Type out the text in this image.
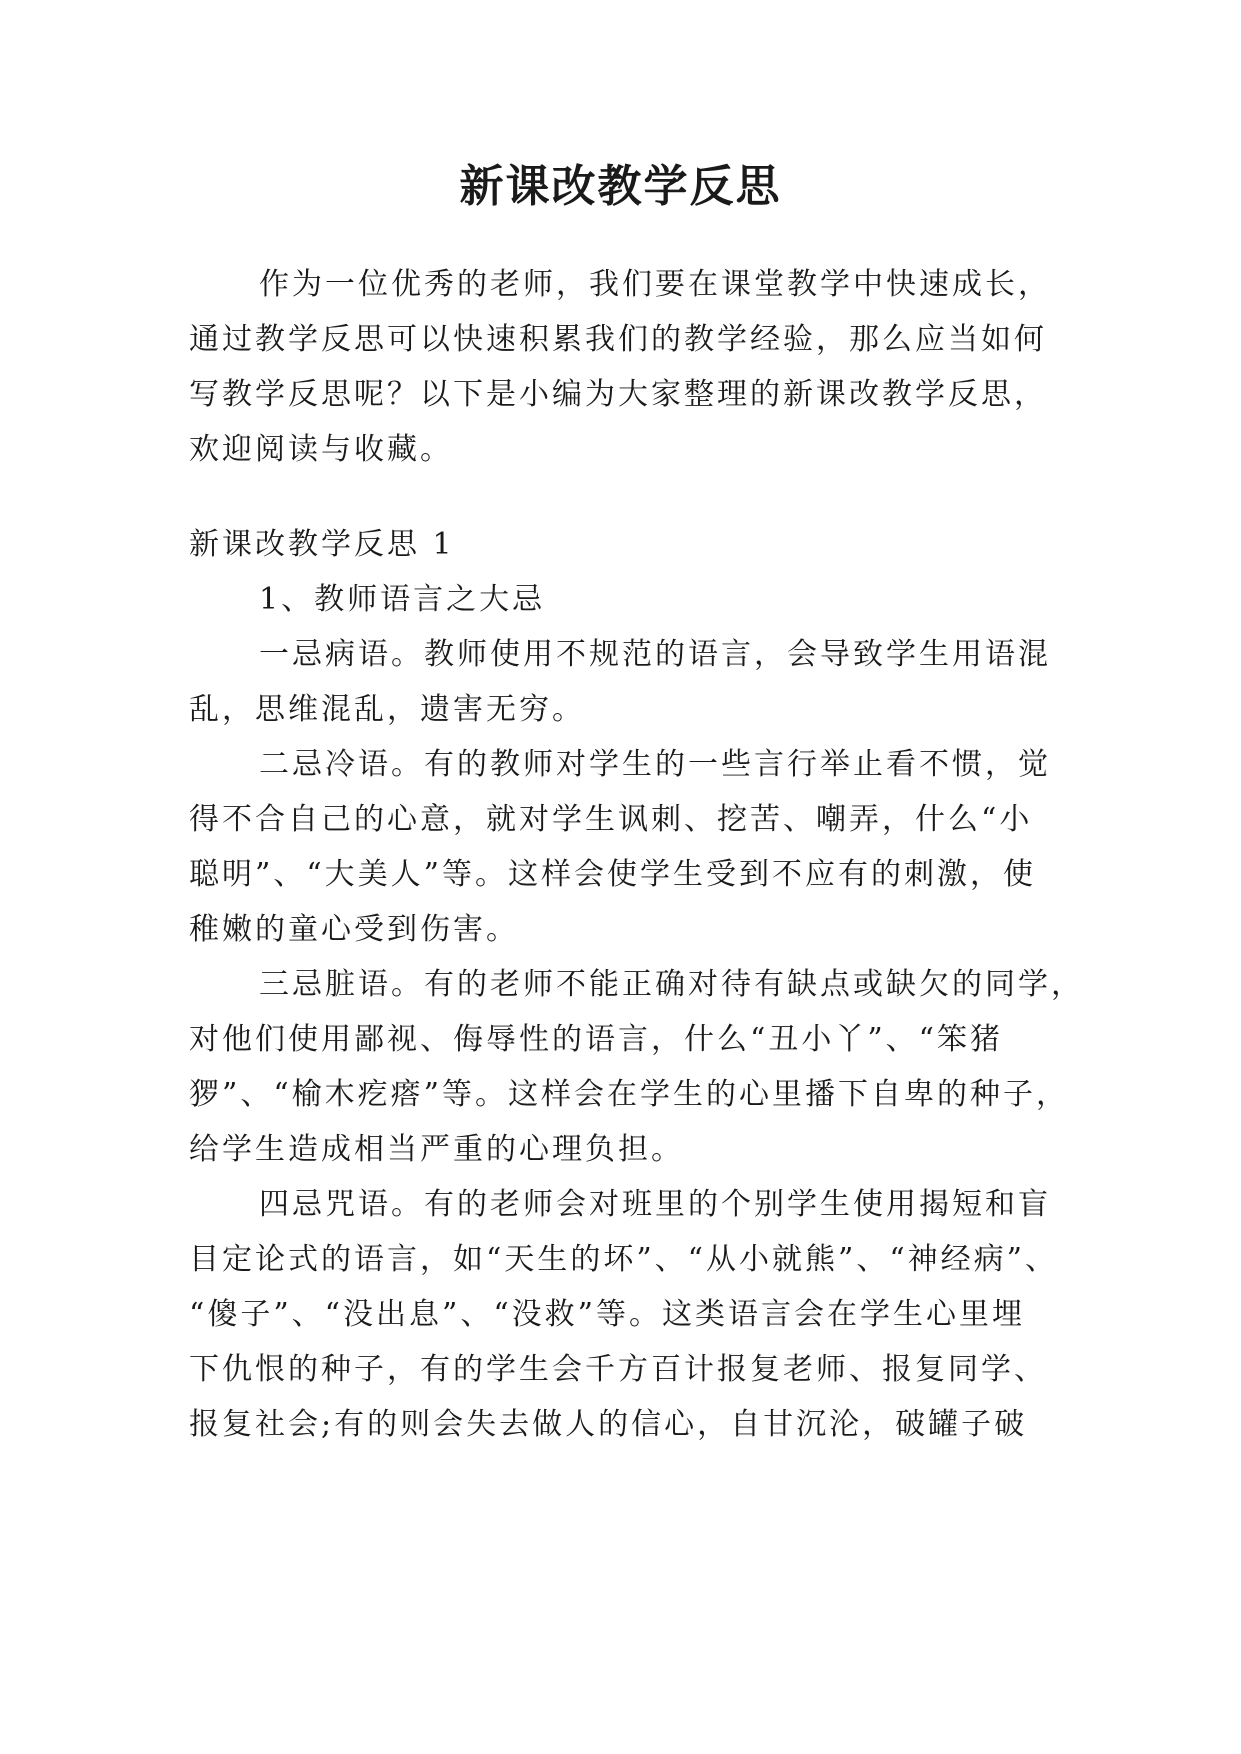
新课改教学反思
作为一位优秀的老师，我们要在课堂教学中快速成长，
通过教学反思可以快速积累我们的教学经验，那么应当如何
写教学反思呢？以下是小编为大家整理的新课改教学反思，
欢迎阅读与收藏。
新课改教学反思 1
1、教师语言之大忌
一忌病语。教师使用不规范的语言，会导致学生用语混
乱，思维混乱，遗害无穷。
二忌冷语。有的教师对学生的一些言行举止看不惯，觉
得不合自己的心意，就对学生讽刺、挖苦、嘲弄，什么“小
聪明”、“大美人”等。这样会使学生受到不应有的刺激，使
稚嫩的童心受到伤害。
三忌脏语。有的老师不能正确对待有缺点或缺欠的同学，
对他们使用鄙视、侮辱性的语言，什么“丑小丫”、“笨猪
猡”、“榆木疙瘩”等。这样会在学生的心里播下自卑的种子，
给学生造成相当严重的心理负担。
四忌咒语。有的老师会对班里的个别学生使用揭短和盲
目定论式的语言，如“天生的坏”、“从小就熊”、“神经病”、
“傻子”、“没出息”、“没救”等。这类语言会在学生心里埋
下仇恨的种子，有的学生会千方百计报复老师、报复同学、
报复社会;有的则会失去做人的信心，自甘沉沦，破罐子破
